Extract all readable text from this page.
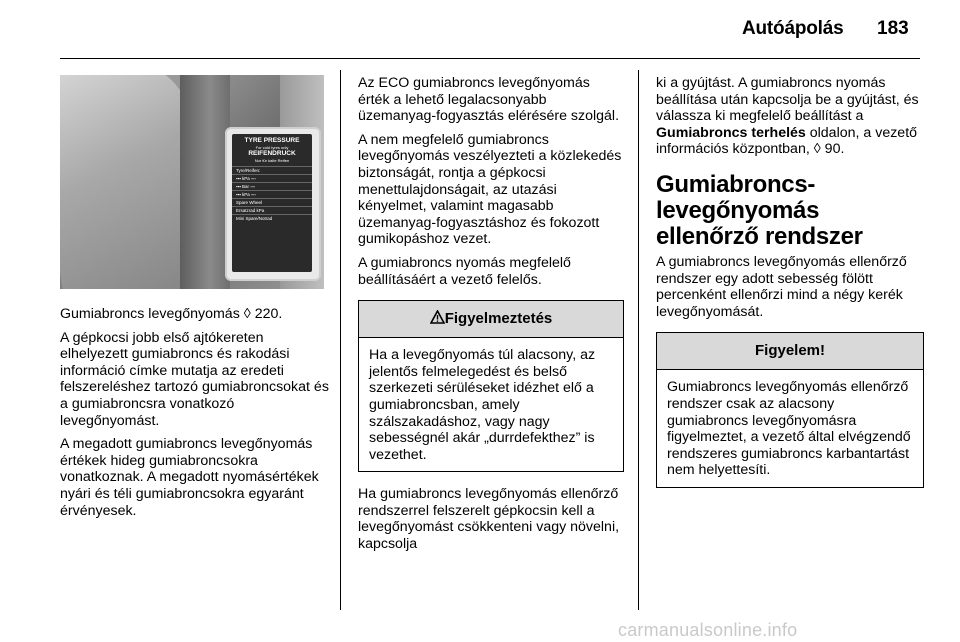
Autóápolás 183
TYRE PRESSURE
For cold tyres only
REIFENDRUCK
Nur für kalte Reifen
Tyre/Reifen:
▪▪▪ kPa ▫▫▫
▪▪▪ Bar ▫▫▫
▪▪▪ kPa ▫▫▫
Spare Wheel
Ersatzrad kPa
Mini Spare/Notrad

Gumiabroncs levegőnyomás ◊ 220.

A gépkocsi jobb első ajtókereten elhelyezett gumiabroncs és rakodási információ címke mutatja az eredeti felszereléshez tartozó gumiabroncsokat és a gumiabroncsra vonatkozó levegőnyomást.

A megadott gumiabroncs levegőnyomás értékek hideg gumiabroncsokra vonatkoznak. A megadott nyomásértékek nyári és téli gumiabroncsokra egyaránt érvényesek.

Az ECO gumiabroncs levegőnyomás érték a lehető legalacsonyabb üzemanyag-fogyasztás elérésére szolgál.

A nem megfelelő gumiabroncs levegőnyomás veszélyezteti a közlekedés biztonságát, rontja a gépkocsi menettulajdonságait, az utazási kényelmet, valamint magasabb üzemanyag-fogyasztáshoz és fokozott gumikopáshoz vezet.

A gumiabroncs nyomás megfelelő beállításáért a vezető felelős.

Figyelmeztetés
Ha a levegőnyomás túl alacsony, az jelentős felmelegedést és belső szerkezeti sérüléseket idézhet elő a gumiabroncsban, amely szálszakadáshoz, vagy nagy sebességnél akár „durrdefekthez” is vezethet.

Ha gumiabroncs levegőnyomás ellenőrző rendszerrel felszerelt gépkocsin kell a levegőnyomást csökkenteni vagy növelni, kapcsolja

ki a gyújtást. A gumiabroncs nyomás beállítása után kapcsolja be a gyújtást, és válassza ki megfelelő beállítást a Gumiabroncs terhelés oldalon, a vezető információs központban, ◊ 90.

Gumiabroncs-levegőnyomás ellenőrző rendszer

A gumiabroncs levegőnyomás ellenőrző rendszer egy adott sebesség fölött percenként ellenőrzi mind a négy kerék levegőnyomását.

Figyelem!
Gumiabroncs levegőnyomás ellenőrző rendszer csak az alacsony gumiabroncs levegőnyomásra figyelmeztet, a vezető által elvégzendő rendszeres gumiabroncs karbantartást nem helyettesíti.
carmanualsonline.info
